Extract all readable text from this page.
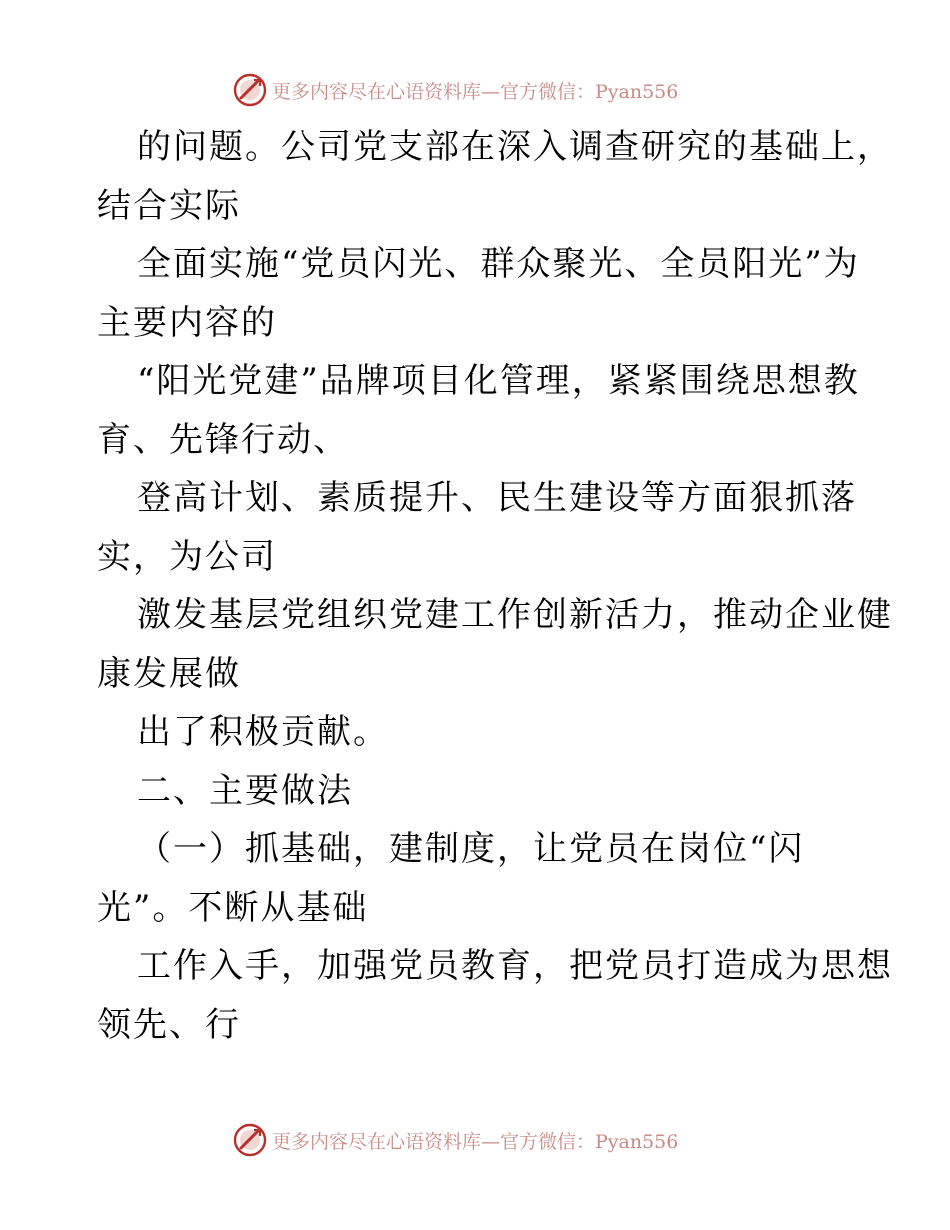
更多内容尽在心语资料库—官方微信：Pyan556
的问题。公司党支部在深入调查研究的基础上，
结合实际
全面实施“党员闪光、群众聚光、全员阳光”为
主要内容的
“阳光党建”品牌项目化管理，紧紧围绕思想教
育、先锋行动、
登高计划、素质提升、民生建设等方面狠抓落
实，为公司
激发基层党组织党建工作创新活力，推动企业健
康发展做
出了积极贡献。
二、主要做法
（一）抓基础，建制度，让党员在岗位“闪
光”。不断从基础
工作入手，加强党员教育，把党员打造成为思想
领先、行
更多内容尽在心语资料库—官方微信：Pyan556
